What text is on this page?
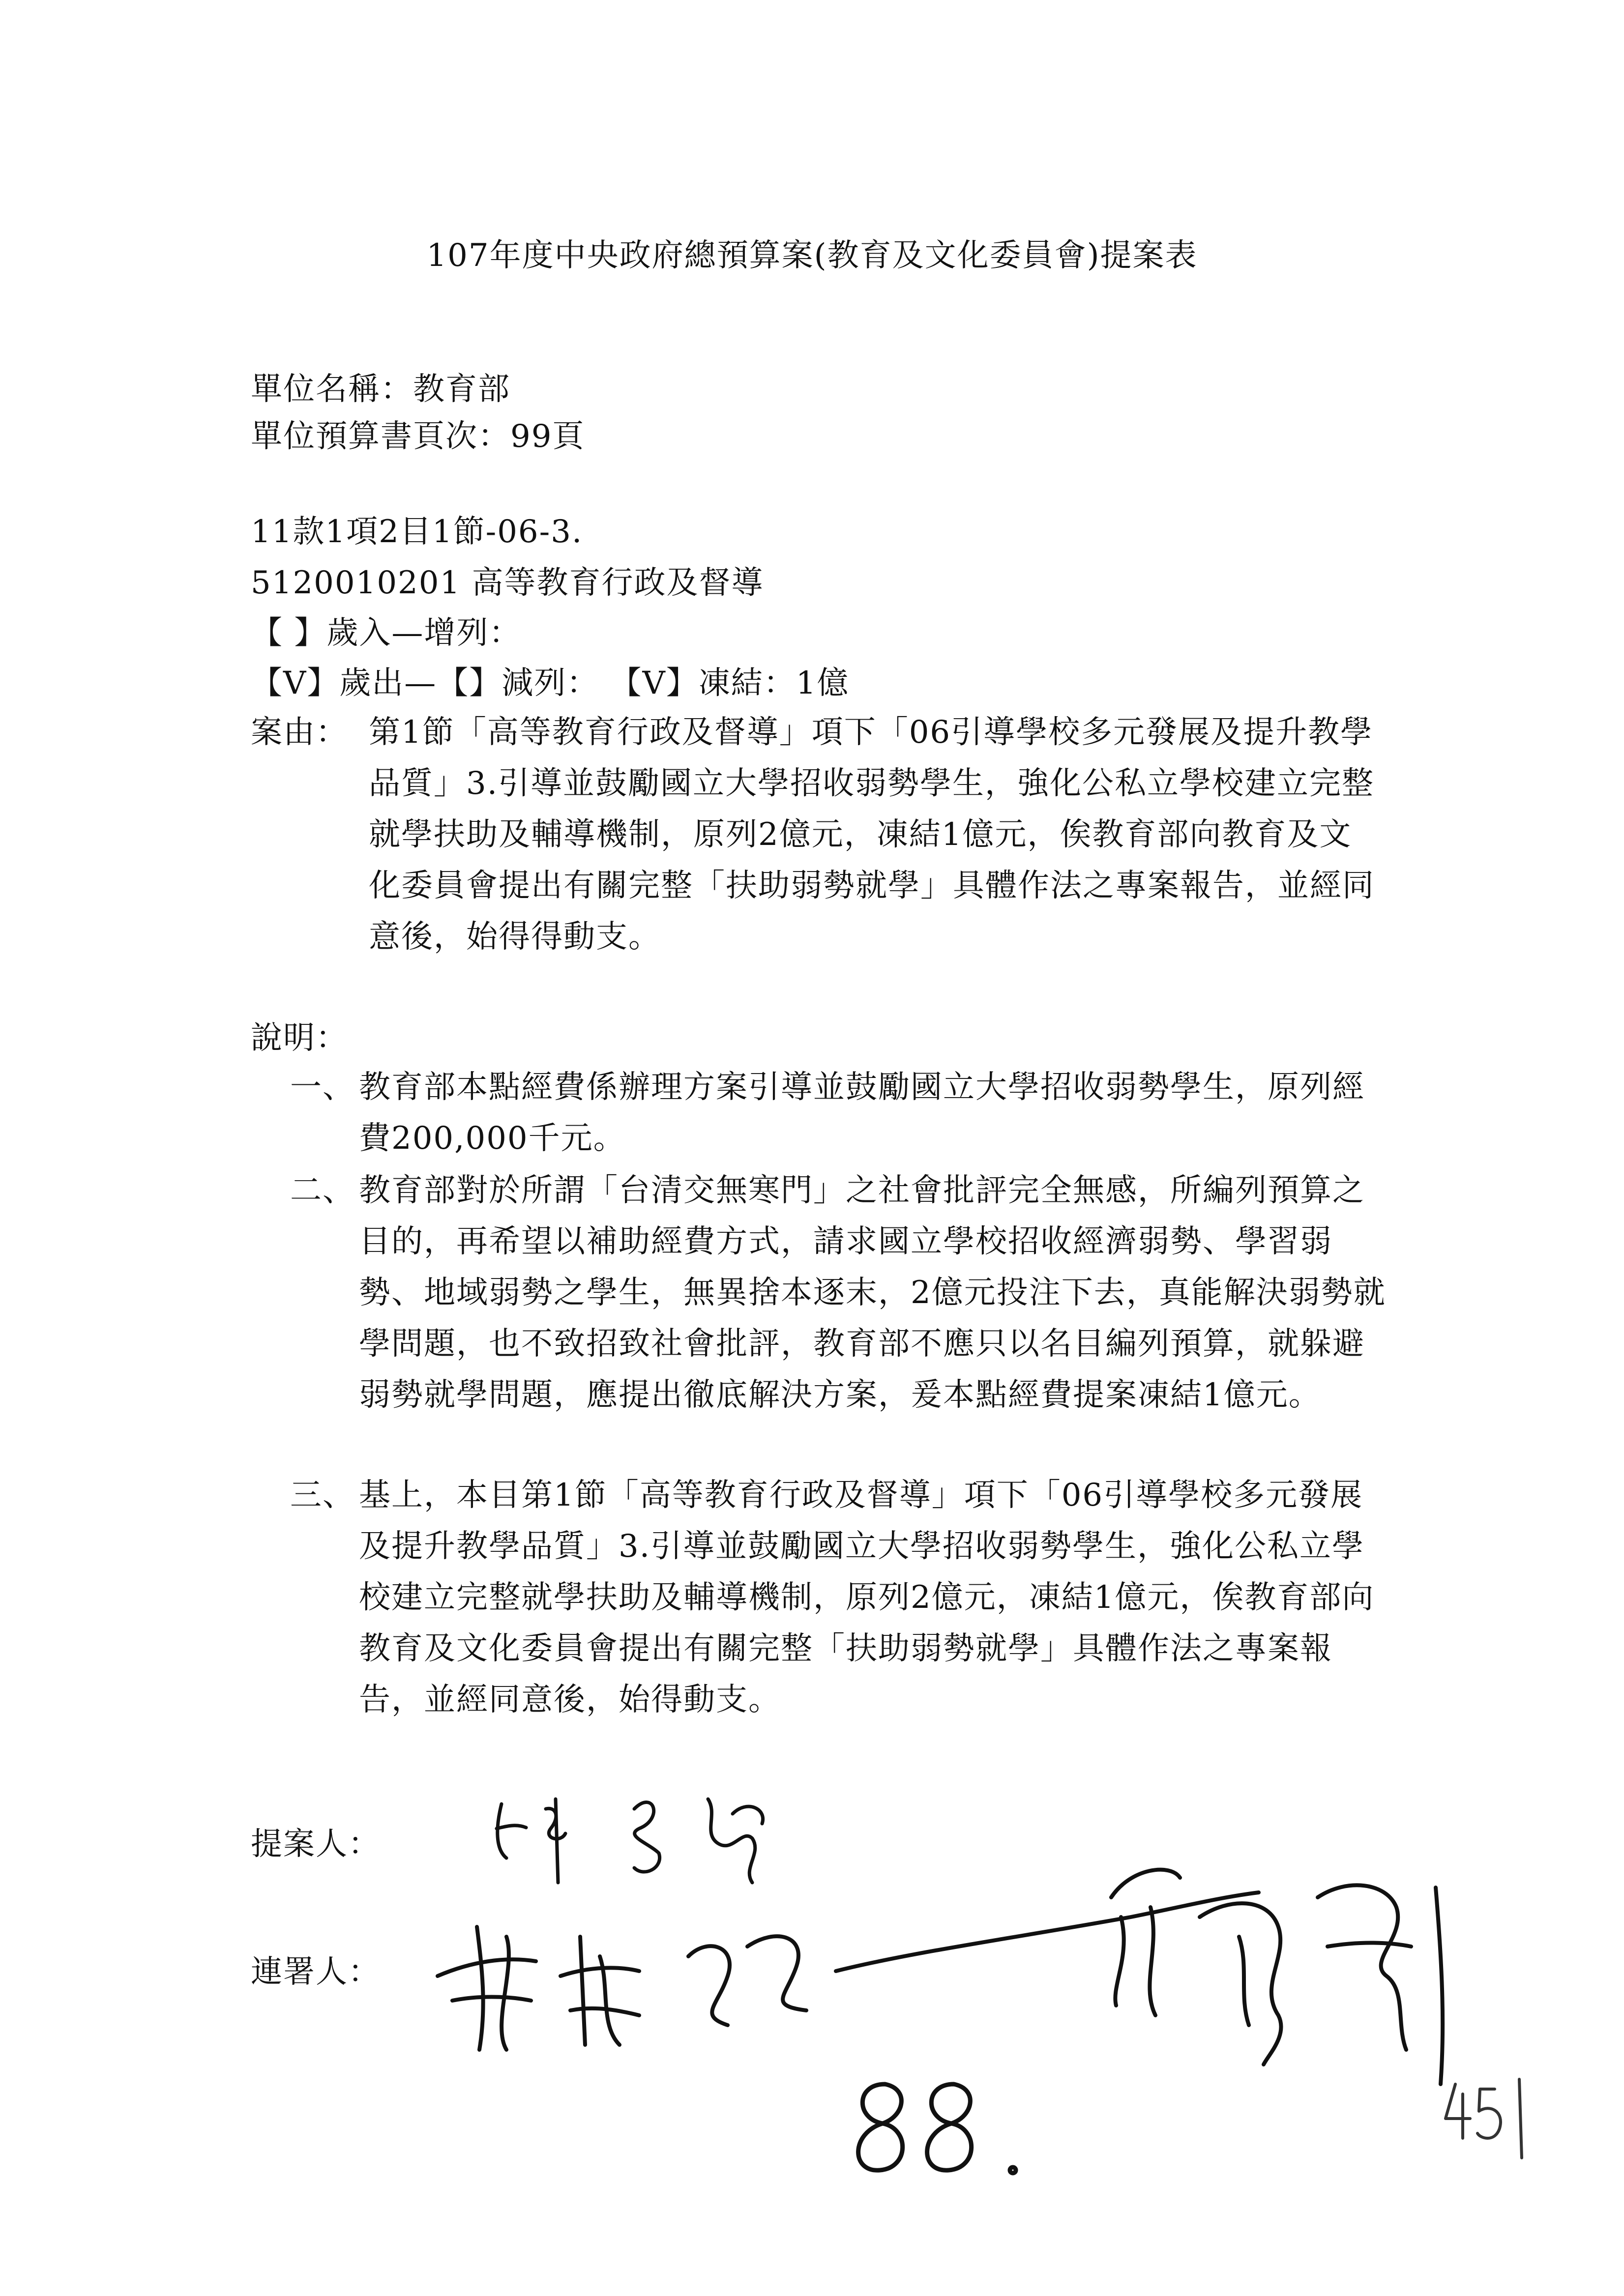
107年度中央政府總預算案(教育及文化委員會)提案表
單位名稱：教育部
單位預算書頁次：99頁
11款1項2目1節-06-3.
5120010201 高等教育行政及督導
【 】歲入—增列：
【V】歲出—【】減列： 【V】凍結：1億
案由： 第1節「高等教育行政及督導」項下「06引導學校多元發展及提升教學品質」3.引導並鼓勵國立大學招收弱勢學生，強化公私立學校建立完整就學扶助及輔導機制，原列2億元，凍結1億元，俟教育部向教育及文化委員會提出有關完整「扶助弱勢就學」具體作法之專案報告，並經同意後，始得得動支。
說明：
一、 教育部本點經費係辦理方案引導並鼓勵國立大學招收弱勢學生，原列經費200,000千元。
二、 教育部對於所謂「台清交無寒門」之社會批評完全無感，所編列預算之目的，再希望以補助經費方式，請求國立學校招收經濟弱勢、學習弱勢、地域弱勢之學生，無異捨本逐末，2億元投注下去，真能解決弱勢就學問題，也不致招致社會批評，教育部不應只以名目編列預算，就躲避弱勢就學問題，應提出徹底解決方案，爰本點經費提案凍結1億元。
三、 基上，本目第1節「高等教育行政及督導」項下「06引導學校多元發展及提升教學品質」3.引導並鼓勵國立大學招收弱勢學生，強化公私立學校建立完整就學扶助及輔導機制，原列2億元，凍結1億元，俟教育部向教育及文化委員會提出有關完整「扶助弱勢就學」具體作法之專案報告，並經同意後，始得動支。
提案人：
連署人：
88.
451
